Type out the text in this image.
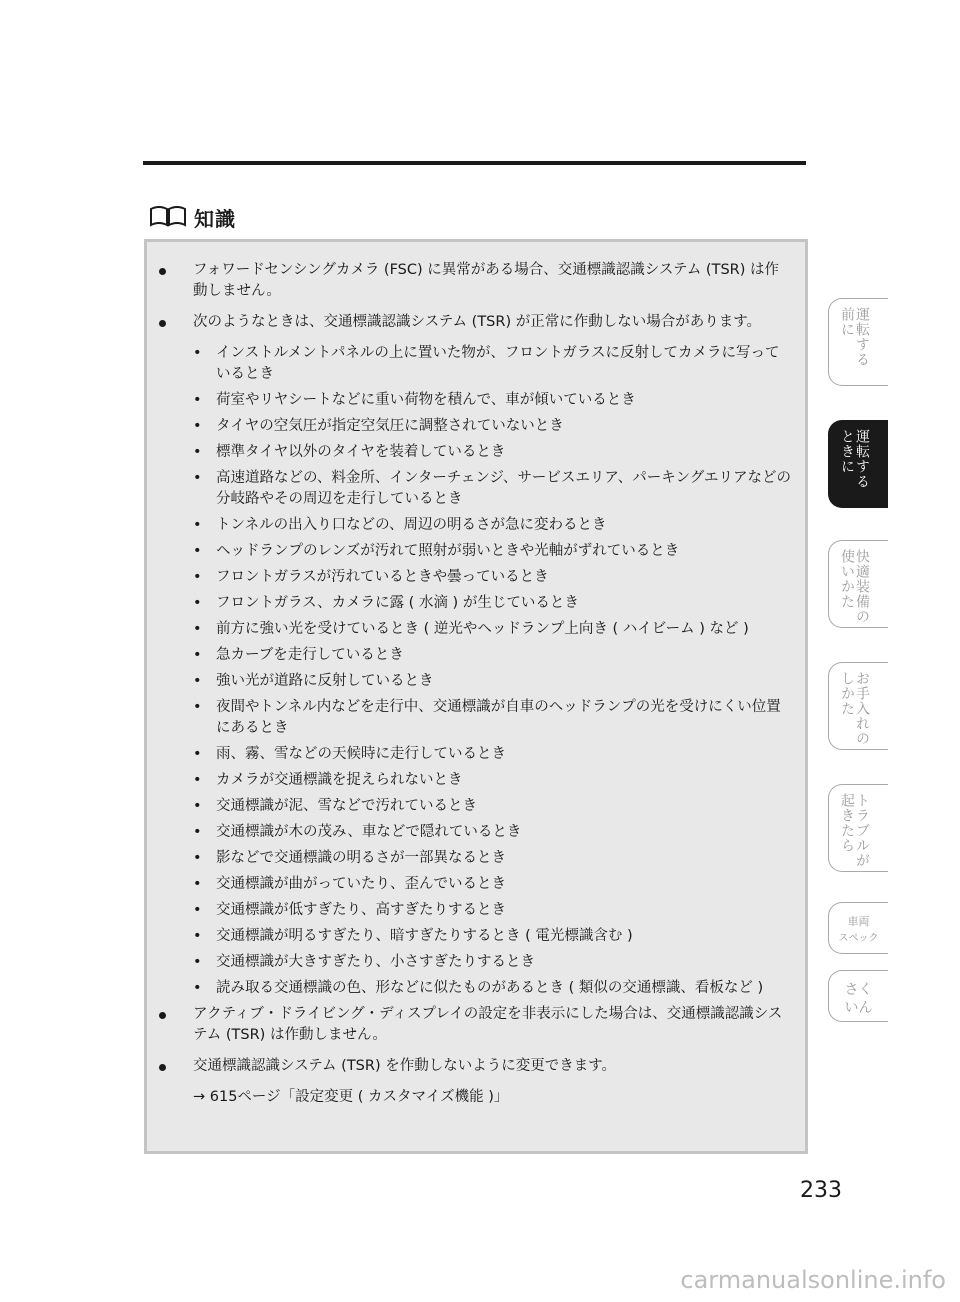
知識
フォワードセンシングカメラ (FSC) に異常がある場合、交通標識認識システム (TSR) は作動しません。
次のようなときは、交通標識認識システム (TSR) が正常に作動しない場合があります。
• インストルメントパネルの上に置いた物が、フロントガラスに反射してカメラに写っているとき
• 荷室やリヤシートなどに重い荷物を積んで、車が傾いているとき
• タイヤの空気圧が指定空気圧に調整されていないとき
• 標準タイヤ以外のタイヤを装着しているとき
• 高速道路などの、料金所、インターチェンジ、サービスエリア、パーキングエリアなどの分岐路やその周辺を走行しているとき
• トンネルの出入り口などの、周辺の明るさが急に変わるとき
• ヘッドランプのレンズが汚れて照射が弱いときや光軸がずれているとき
• フロントガラスが汚れているときや曇っているとき
• フロントガラス、カメラに露 ( 水滴 ) が生じているとき
• 前方に強い光を受けているとき ( 逆光やヘッドランプ上向き ( ハイビーム ) など )
• 急カーブを走行しているとき
• 強い光が道路に反射しているとき
• 夜間やトンネル内などを走行中、交通標識が自車のヘッドランプの光を受けにくい位置にあるとき
• 雨、霧、雪などの天候時に走行しているとき
• カメラが交通標識を捉えられないとき
• 交通標識が泥、雪などで汚れているとき
• 交通標識が木の茂み、車などで隠れているとき
• 影などで交通標識の明るさが一部異なるとき
• 交通標識が曲がっていたり、歪んでいるとき
• 交通標識が低すぎたり、高すぎたりするとき
• 交通標識が明るすぎたり、暗すぎたりするとき ( 電光標識含む )
• 交通標識が大きすぎたり、小さすぎたりするとき
• 読み取る交通標識の色、形などに似たものがあるとき ( 類似の交通標識、看板など )
アクティブ・ドライビング・ディスプレイの設定を非表示にした場合は、交通標識認識システム (TSR) は作動しません。
交通標識認識システム (TSR) を作動しないように変更できます。
→ 615ページ「設定変更 ( カスタマイズ機能 )」
運転する
前に
運転する
ときに
快適装備の
使いかた
お手入れの
しかた
トラブルが
起きたら
車両
スペック
さく
いん
233
carmanualsonline.info
